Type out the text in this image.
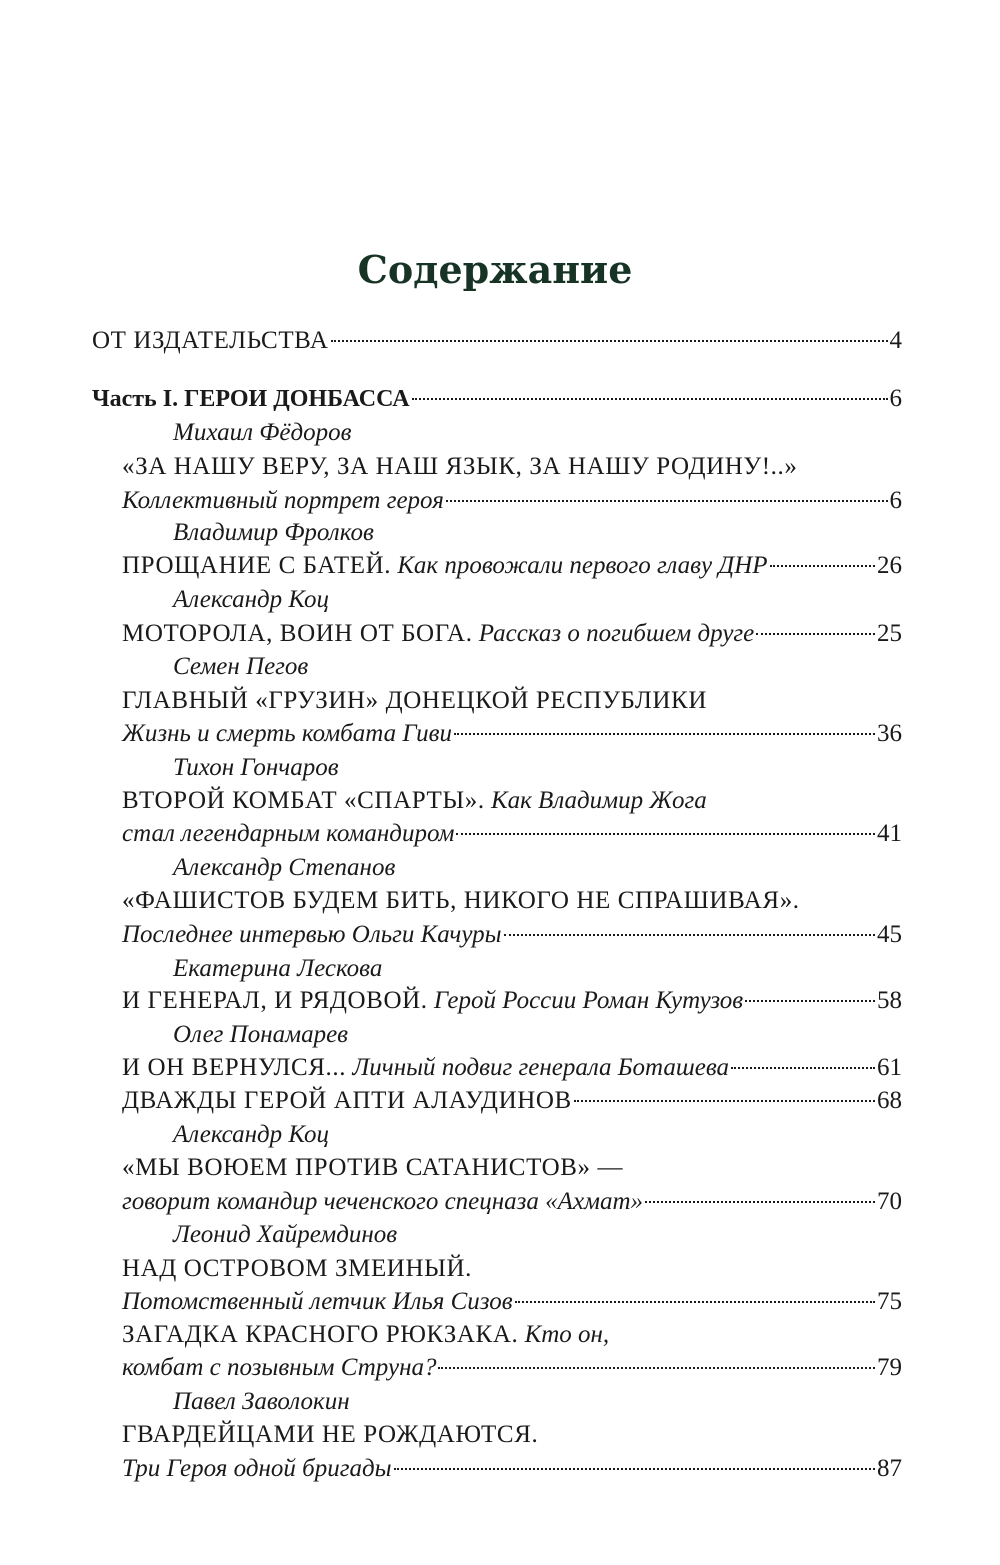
Содержание
ОТ ИЗДАТЕЛЬСТВА	4
Часть I. ГЕРОИ ДОНБАССА	6
Михаил Фёдоров
«ЗА НАШУ ВЕРУ, ЗА НАШ ЯЗЫК, ЗА НАШУ РОДИНУ!..»
Коллективный портрет героя	6
Владимир Фролков
ПРОЩАНИЕ С БАТЕЙ.
Как провожали первого главу ДНР	26
Александр Коц
МОТОРОЛА, ВОИН ОТ БОГА.
Рассказ о погибшем друге	25
Семен Пегов
ГЛАВНЫЙ «ГРУЗИН» ДОНЕЦКОЙ РЕСПУБЛИКИ
Жизнь и смерть комбата Гиви	36
Тихон Гончаров
ВТОРОЙ КОМБАТ «СПАРТЫ». Как Владимир Жога
стал легендарным командиром	41
Александр Степанов
«ФАШИСТОВ БУДЕМ БИТЬ, НИКОГО НЕ СПРАШИВАЯ».
Последнее интервью Ольги Качуры	45
Екатерина Лескова
И ГЕНЕРАЛ, И РЯДОВОЙ.
Герой России Роман Кутузов	58
Олег Понамарев
И ОН ВЕРНУЛСЯ...
Личный подвиг генерала Боташева	61
ДВАЖДЫ ГЕРОЙ АПТИ АЛАУДИНОВ	68
Александр Коц
«МЫ ВОЮЕМ ПРОТИВ САТАНИСТОВ» —
говорит командир чеченского спецназа «Ахмат»	70
Леонид Хайремдинов
НАД ОСТРОВОМ ЗМЕИНЫЙ.
Потомственный летчик Илья Сизов	75
ЗАГАДКА КРАСНОГО РЮКЗАКА. Кто он,
комбат с позывным Струна?	79
Павел Заволокин
ГВАРДЕЙЦАМИ НЕ РОЖДАЮТСЯ.
Три Героя одной бригады	87
